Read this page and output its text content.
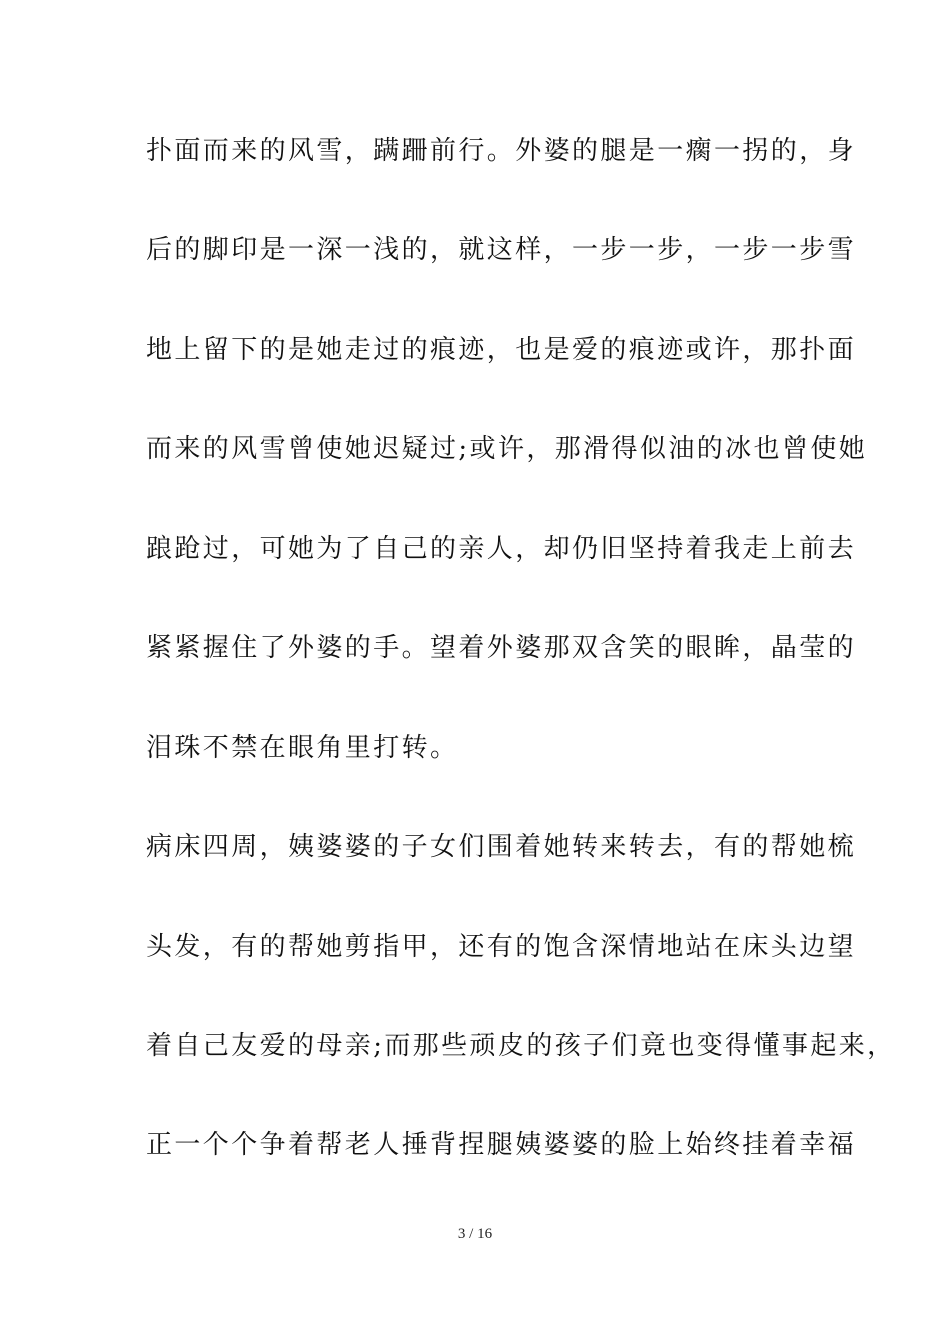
扑面而来的风雪，蹒跚前行。外婆的腿是一瘸一拐的，身
后的脚印是一深一浅的，就这样，一步一步，一步一步雪
地上留下的是她走过的痕迹，也是爱的痕迹或许，那扑面
而来的风雪曾使她迟疑过;或许，那滑得似油的冰也曾使她
踉跄过，可她为了自己的亲人，却仍旧坚持着我走上前去
紧紧握住了外婆的手。望着外婆那双含笑的眼眸，晶莹的
泪珠不禁在眼角里打转。
病床四周，姨婆婆的子女们围着她转来转去，有的帮她梳
头发，有的帮她剪指甲，还有的饱含深情地站在床头边望
着自己友爱的母亲;而那些顽皮的孩子们竟也变得懂事起来，
正一个个争着帮老人捶背捏腿姨婆婆的脸上始终挂着幸福
3 / 16
